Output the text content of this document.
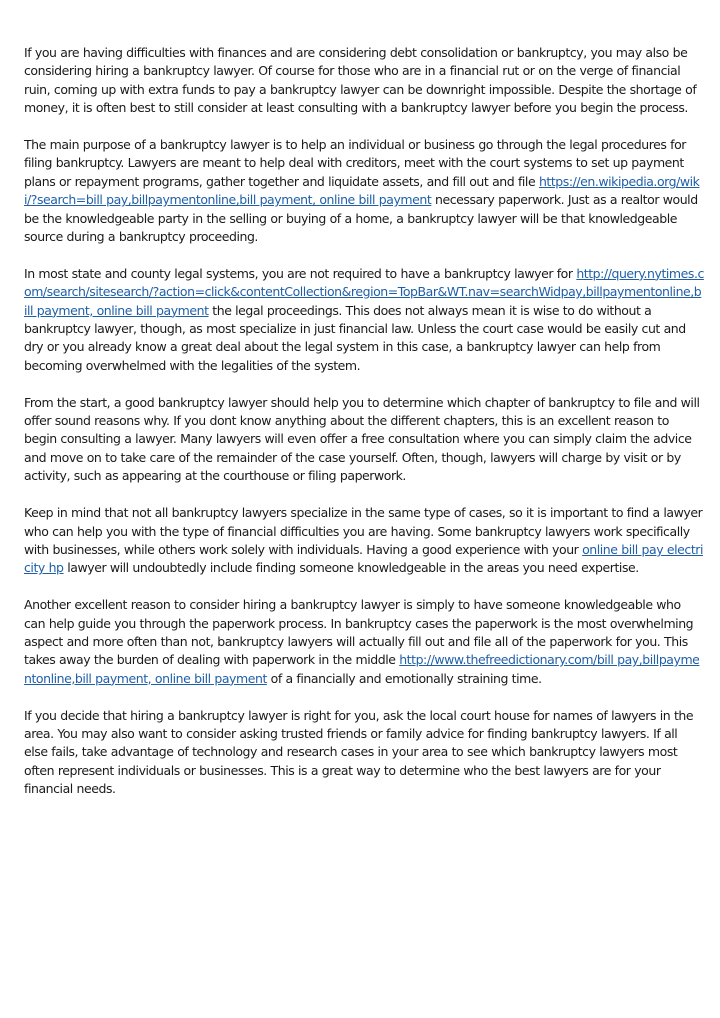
If you are having difficulties with finances and are considering debt consolidation or bankruptcy, you may also be considering hiring a bankruptcy lawyer. Of course for those who are in a financial rut or on the verge of financial ruin, coming up with extra funds to pay a bankruptcy lawyer can be downright impossible. Despite the shortage of money, it is often best to still consider at least consulting with a bankruptcy lawyer before you begin the process.

The main purpose of a bankruptcy lawyer is to help an individual or business go through the legal procedures for filing bankruptcy. Lawyers are meant to help deal with creditors, meet with the court systems to set up payment plans or repayment programs, gather together and liquidate assets, and fill out and file https://en.wikipedia.org/wiki/?search=bill pay,billpaymentonline,bill payment, online bill payment necessary paperwork. Just as a realtor would be the knowledgeable party in the selling or buying of a home, a bankruptcy lawyer will be that knowledgeable source during a bankruptcy proceeding.

In most state and county legal systems, you are not required to have a bankruptcy lawyer for http://query.nytimes.com/search/sitesearch/?action=click&contentCollection&region=TopBar&WT.nav=searchWidpay,billpaymentonline,bill payment, online bill payment the legal proceedings. This does not always mean it is wise to do without a bankruptcy lawyer, though, as most specialize in just financial law. Unless the court case would be easily cut and dry or you already know a great deal about the legal system in this case, a bankruptcy lawyer can help from becoming overwhelmed with the legalities of the system.

From the start, a good bankruptcy lawyer should help you to determine which chapter of bankruptcy to file and will offer sound reasons why. If you dont know anything about the different chapters, this is an excellent reason to begin consulting a lawyer. Many lawyers will even offer a free consultation where you can simply claim the advice and move on to take care of the remainder of the case yourself. Often, though, lawyers will charge by visit or by activity, such as appearing at the courthouse or filing paperwork.

Keep in mind that not all bankruptcy lawyers specialize in the same type of cases, so it is important to find a lawyer who can help you with the type of financial difficulties you are having. Some bankruptcy lawyers work specifically with businesses, while others work solely with individuals. Having a good experience with your online bill pay electricity hp lawyer will undoubtedly include finding someone knowledgeable in the areas you need expertise.

Another excellent reason to consider hiring a bankruptcy lawyer is simply to have someone knowledgeable who can help guide you through the paperwork process. In bankruptcy cases the paperwork is the most overwhelming aspect and more often than not, bankruptcy lawyers will actually fill out and file all of the paperwork for you. This takes away the burden of dealing with paperwork in the middle http://www.thefreedictionary.com/bill pay,billpaymentonline,bill payment, online bill payment of a financially and emotionally straining time.

If you decide that hiring a bankruptcy lawyer is right for you, ask the local court house for names of lawyers in the area. You may also want to consider asking trusted friends or family advice for finding bankruptcy lawyers. If all else fails, take advantage of technology and research cases in your area to see which bankruptcy lawyers most often represent individuals or businesses. This is a great way to determine who the best lawyers are for your financial needs.
